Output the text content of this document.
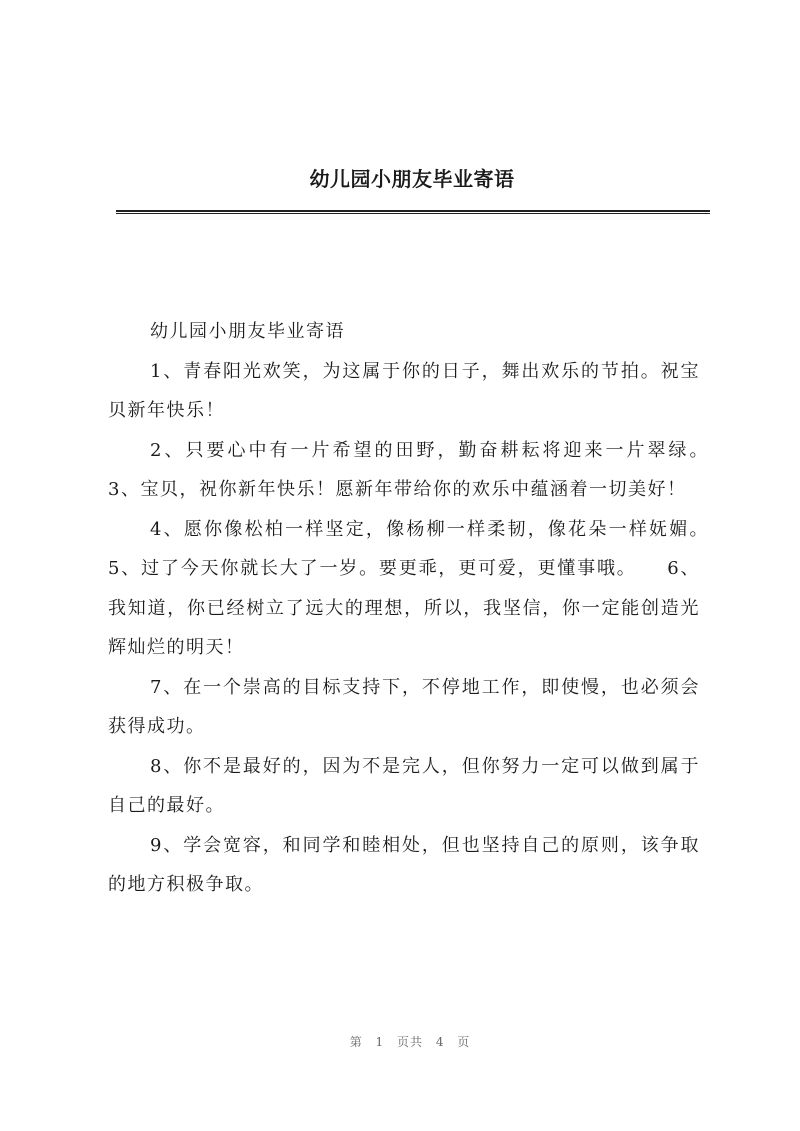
幼儿园小朋友毕业寄语

幼儿园小朋友毕业寄语

1、青春阳光欢笑，为这属于你的日子，舞出欢乐的节拍。祝宝贝新年快乐！

2、只要心中有一片希望的田野，勤奋耕耘将迎来一片翠绿。　　3、宝贝，祝你新年快乐！愿新年带给你的欢乐中蕴涵着一切美好！

4、愿你像松柏一样坚定，像杨柳一样柔韧，像花朵一样妩媚。　　5、过了今天你就长大了一岁。要更乖，更可爱，更懂事哦。　　6、我知道，你已经树立了远大的理想，所以，我坚信，你一定能创造光辉灿烂的明天！

7、在一个崇高的目标支持下，不停地工作，即使慢，也必须会获得成功。

8、你不是最好的，因为不是完人，但你努力一定可以做到属于自己的最好。

9、学会宽容，和同学和睦相处，但也坚持自己的原则，该争取的地方积极争取。

第 1 页共 4 页
